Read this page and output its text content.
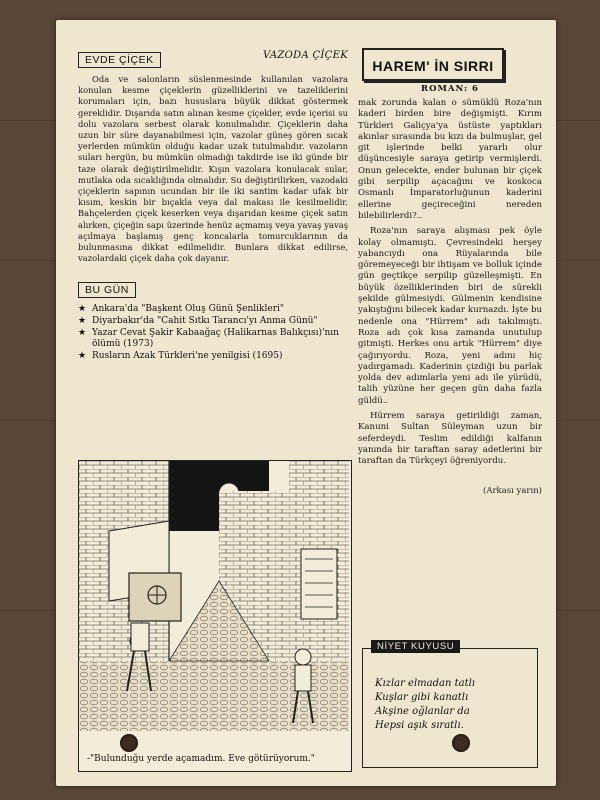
EVDE ÇİÇEK	VAZODA ÇİÇEK

Oda ve salonların süslenmesinde kullanılan vazolara konulan kesme çiçeklerin güzelliklerini ve tazeliklerini korumaları için, bazı hususlara büyük dikkat göstermek gereklidir. Dışarıda satın alınan kesme çiçekler, evde içerisi su dolu vazolara serbest olarak konulmalıdır. Çiçeklerin daha uzun bir süre dayanabilmesi için, vazolar güneş gören sıcak yerlerden mümkün olduğu kadar uzak tutulmalıdır. vazoların suları hergün, bu mümkün olmadığı takdirde ise iki günde bir taze olarak değiştirilmelidir. Kışın vazolara konulacak sular, mutlaka oda sıcaklığında olmalıdır. Su değiştirilirken, vazodaki çiçeklerin sapının ucundan bir ile iki santim kadar ufak bir kısım, keskin bir bıçakla veya dal makası ile kesilmelidir. Bahçelerden çiçek keserken veya dışarıdan kesme çiçek satın alırken, çiçeğin sapı üzerinde henüz açmamış veya yavaş yavaş açılmaya başlamış genç koncalarla tomurcuklarının da bulunmasına dikkat edilmelidir. Bunlara dikkat edilirse, vazolardaki çiçek daha çok dayanır.

BU GÜN
★ Ankara'da "Başkent Oluş Günü Şenlikleri"
★ Diyarbakır'da "Cahit Sıtkı Tarancı'yı Anma Günü"
★ Yazar Cevat Şakir Kabaağaç (Halikarnas Balıkçısı)'nın ölümü (1973)
★ Rusların Azak Türkleri'ne yenilgisi (1695)
-"Bulunduğu yerde açamadım. Eve götürüyorum."
HAREM' İN SIRRI
ROMAN: 6

mak zorunda kalan o sümüklü Roza'nın kaderi birden bire değişmişti. Kırım Türkleri Galiçya'ya üstüste yaptıkları akınlar sırasında bu kızı da bulmuşlar, gel git işlerinde belki yararlı olur düşüncesiyle saraya getirip vermişlerdi. Onun gelecekte, ender bulunan bir çiçek gibi serpilip açacağını ve koskoca Osmanlı İmparatorluğunun kaderini ellerine geçireceğini nereden bilebilirlerdi?..

Roza'nın saraya alışması pek öyle kolay olmamıştı. Çevresindeki herşey yabancıydı ona Rüyalarında bile göremeyeceği bir ihtişam ve bolluk içinde gün geçtikçe serpilip güzelleşmişti. En büyük özelliklerinden biri de sürekli şekilde gülmesiydi. Gülmenin kendisine yakıştığını bilecek kadar kurnazdı. İşte bu nedenle ona "Hürrem" adı takılmıştı. Roza adı çok kısa zamanda unutulup gitmişti. Herkes onu artık "Hürrem" diye çağırıyordu. Roza, yeni adını hiç yadırgamadı. Kaderinin çizdiği bu parlak yolda dev adımlarla yeni adı ile yürüdü, talih yüzüne her geçen gün daha fazla güldü..

Hürrem saraya getirildiği zaman, Kanuni Sultan Süleyman uzun bir seferdeydi. Teslim edildiği kalfanın yanında bir taraftan saray adetlerini bir taraftan da Türkçeyi öğreniyordu.

(Arkası yarın)
NİYET KUYUSU
Kızlar elmadan tatlı
Kuşlar gibi kanatlı
Akşine oğlanlar da
Hepsi aşık sıratlı.
